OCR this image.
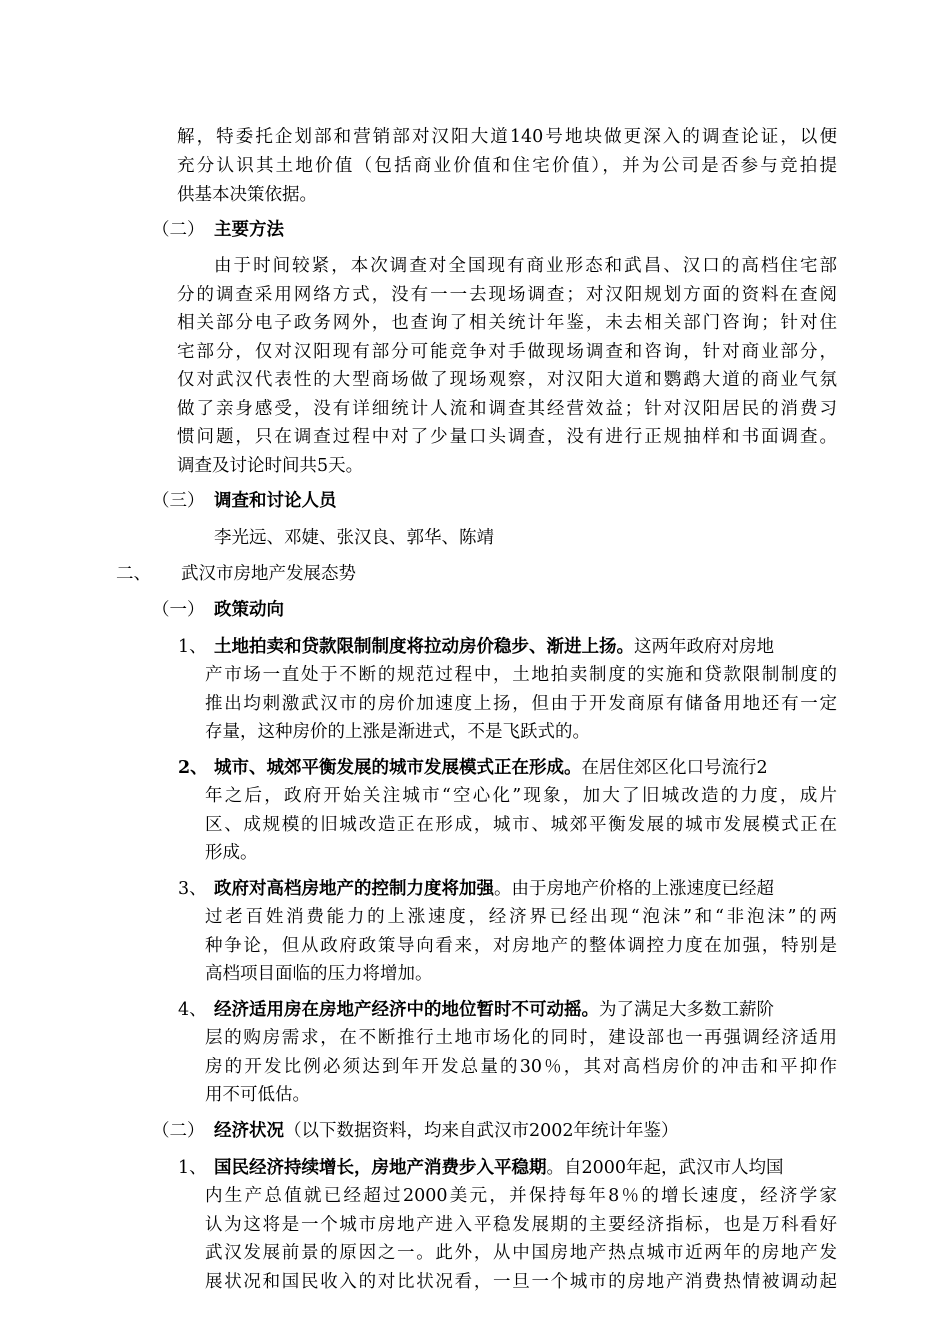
解，特委托企划部和营销部对汉阳大道140号地块做更深入的调查论证，以便
充分认识其土地价值（包括商业价值和住宅价值），并为公司是否参与竞拍提
供基本决策依据。
（二） 主要方法
由于时间较紧，本次调查对全国现有商业形态和武昌、汉口的高档住宅部
分的调查采用网络方式，没有一一去现场调查；对汉阳规划方面的资料在查阅
相关部分电子政务网外，也查询了相关统计年鉴，未去相关部门咨询；针对住
宅部分，仅对汉阳现有部分可能竞争对手做现场调查和咨询，针对商业部分，
仅对武汉代表性的大型商场做了现场观察，对汉阳大道和鹦鹉大道的商业气氛
做了亲身感受，没有详细统计人流和调查其经营效益；针对汉阳居民的消费习
惯问题，只在调查过程中对了少量口头调查，没有进行正规抽样和书面调查。
调查及讨论时间共5天。
（三） 调查和讨论人员
李光远、邓婕、张汉良、郭华、陈靖
二、 武汉市房地产发展态势
（一） 政策动向
1、 土地拍卖和贷款限制制度将拉动房价稳步、渐进上扬。这两年政府对房地
产市场一直处于不断的规范过程中，土地拍卖制度的实施和贷款限制制度的
推出均刺激武汉市的房价加速度上扬，但由于开发商原有储备用地还有一定
存量，这种房价的上涨是渐进式，不是飞跃式的。
2、 城市、城郊平衡发展的城市发展模式正在形成。在居住郊区化口号流行2
年之后，政府开始关注城市“空心化”现象，加大了旧城改造的力度，成片
区、成规模的旧城改造正在形成，城市、城郊平衡发展的城市发展模式正在
形成。
3、 政府对高档房地产的控制力度将加强。由于房地产价格的上涨速度已经超
过老百姓消费能力的上涨速度，经济界已经出现“泡沫”和“非泡沫”的两
种争论，但从政府政策导向看来，对房地产的整体调控力度在加强，特别是
高档项目面临的压力将增加。
4、 经济适用房在房地产经济中的地位暂时不可动摇。为了满足大多数工薪阶
层的购房需求，在不断推行土地市场化的同时，建设部也一再强调经济适用
房的开发比例必须达到年开发总量的30％，其对高档房价的冲击和平抑作
用不可低估。
（二） 经济状况（以下数据资料，均来自武汉市2002年统计年鉴）
1、 国民经济持续增长，房地产消费步入平稳期。自2000年起，武汉市人均国
内生产总值就已经超过2000美元，并保持每年8％的增长速度，经济学家
认为这将是一个城市房地产进入平稳发展期的主要经济指标，也是万科看好
武汉发展前景的原因之一。此外，从中国房地产热点城市近两年的房地产发
展状况和国民收入的对比状况看，一旦一个城市的房地产消费热情被调动起
